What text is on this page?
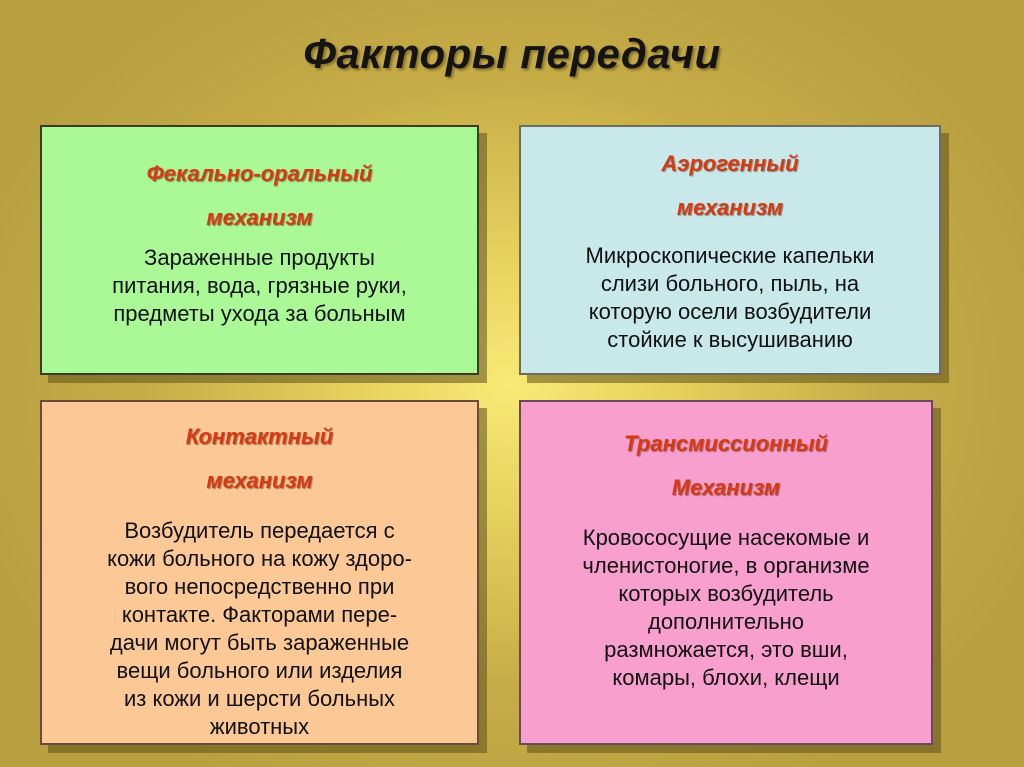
Факторы передачи
Фекально-оральный
механизм
Зараженные продукты
питания, вода, грязные руки,
предметы ухода за больным
Аэрогенный
механизм
Микроскопические капельки
слизи больного, пыль, на
которую осели возбудители
стойкие к высушиванию
Контактный
механизм
Возбудитель передается с
кожи больного на кожу здоро-
вого непосредственно при
контакте. Факторами пере-
дачи могут быть зараженные
вещи больного или изделия
из кожи и шерсти больных
животных
Трансмиссионный
Механизм
Кровососущие насекомые и
членистоногие, в организме
которых возбудитель
дополнительно
размножается, это вши,
комары, блохи, клещи
